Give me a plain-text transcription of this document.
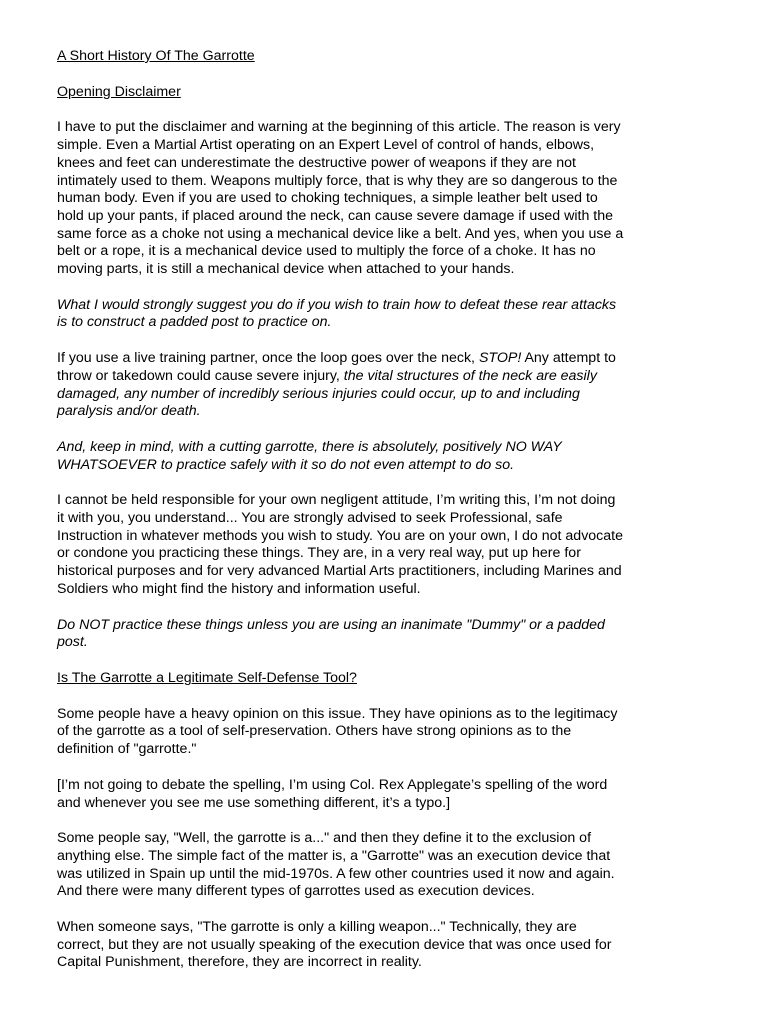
A Short History Of The Garrotte
Opening Disclaimer
I have to put the disclaimer and warning at the beginning of this article. The reason is very
simple. Even a Martial Artist operating on an Expert Level of control of hands, elbows,
knees and feet can underestimate the destructive power of weapons if they are not
intimately used to them. Weapons multiply force, that is why they are so dangerous to the
human body. Even if you are used to choking techniques, a simple leather belt used to
hold up your pants, if placed around the neck, can cause severe damage if used with the
same force as a choke not using a mechanical device like a belt. And yes, when you use a
belt or a rope, it is a mechanical device used to multiply the force of a choke. It has no
moving parts, it is still a mechanical device when attached to your hands.
What I would strongly suggest you do if you wish to train how to defeat these rear attacks
is to construct a padded post to practice on.
If you use a live training partner, once the loop goes over the neck, STOP! Any attempt to
throw or takedown could cause severe injury, the vital structures of the neck are easily
damaged, any number of incredibly serious injuries could occur, up to and including
paralysis and/or death.
And, keep in mind, with a cutting garrotte, there is absolutely, positively NO WAY
WHATSOEVER to practice safely with it so do not even attempt to do so.
I cannot be held responsible for your own negligent attitude, I’m writing this, I’m not doing
it with you, you understand... You are strongly advised to seek Professional, safe
Instruction in whatever methods you wish to study. You are on your own, I do not advocate
or condone you practicing these things. They are, in a very real way, put up here for
historical purposes and for very advanced Martial Arts practitioners, including Marines and
Soldiers who might find the history and information useful.
Do NOT practice these things unless you are using an inanimate "Dummy" or a padded
post.
Is The Garrotte a Legitimate Self-Defense Tool?
Some people have a heavy opinion on this issue. They have opinions as to the legitimacy
of the garrotte as a tool of self-preservation. Others have strong opinions as to the
definition of "garrotte."
[I’m not going to debate the spelling, I’m using Col. Rex Applegate’s spelling of the word
and whenever you see me use something different, it’s a typo.]
Some people say, "Well, the garrotte is a..." and then they define it to the exclusion of
anything else. The simple fact of the matter is, a "Garrotte" was an execution device that
was utilized in Spain up until the mid-1970s. A few other countries used it now and again.
And there were many different types of garrottes used as execution devices.
When someone says, "The garrotte is only a killing weapon..." Technically, they are
correct, but they are not usually speaking of the execution device that was once used for
Capital Punishment, therefore, they are incorrect in reality.
